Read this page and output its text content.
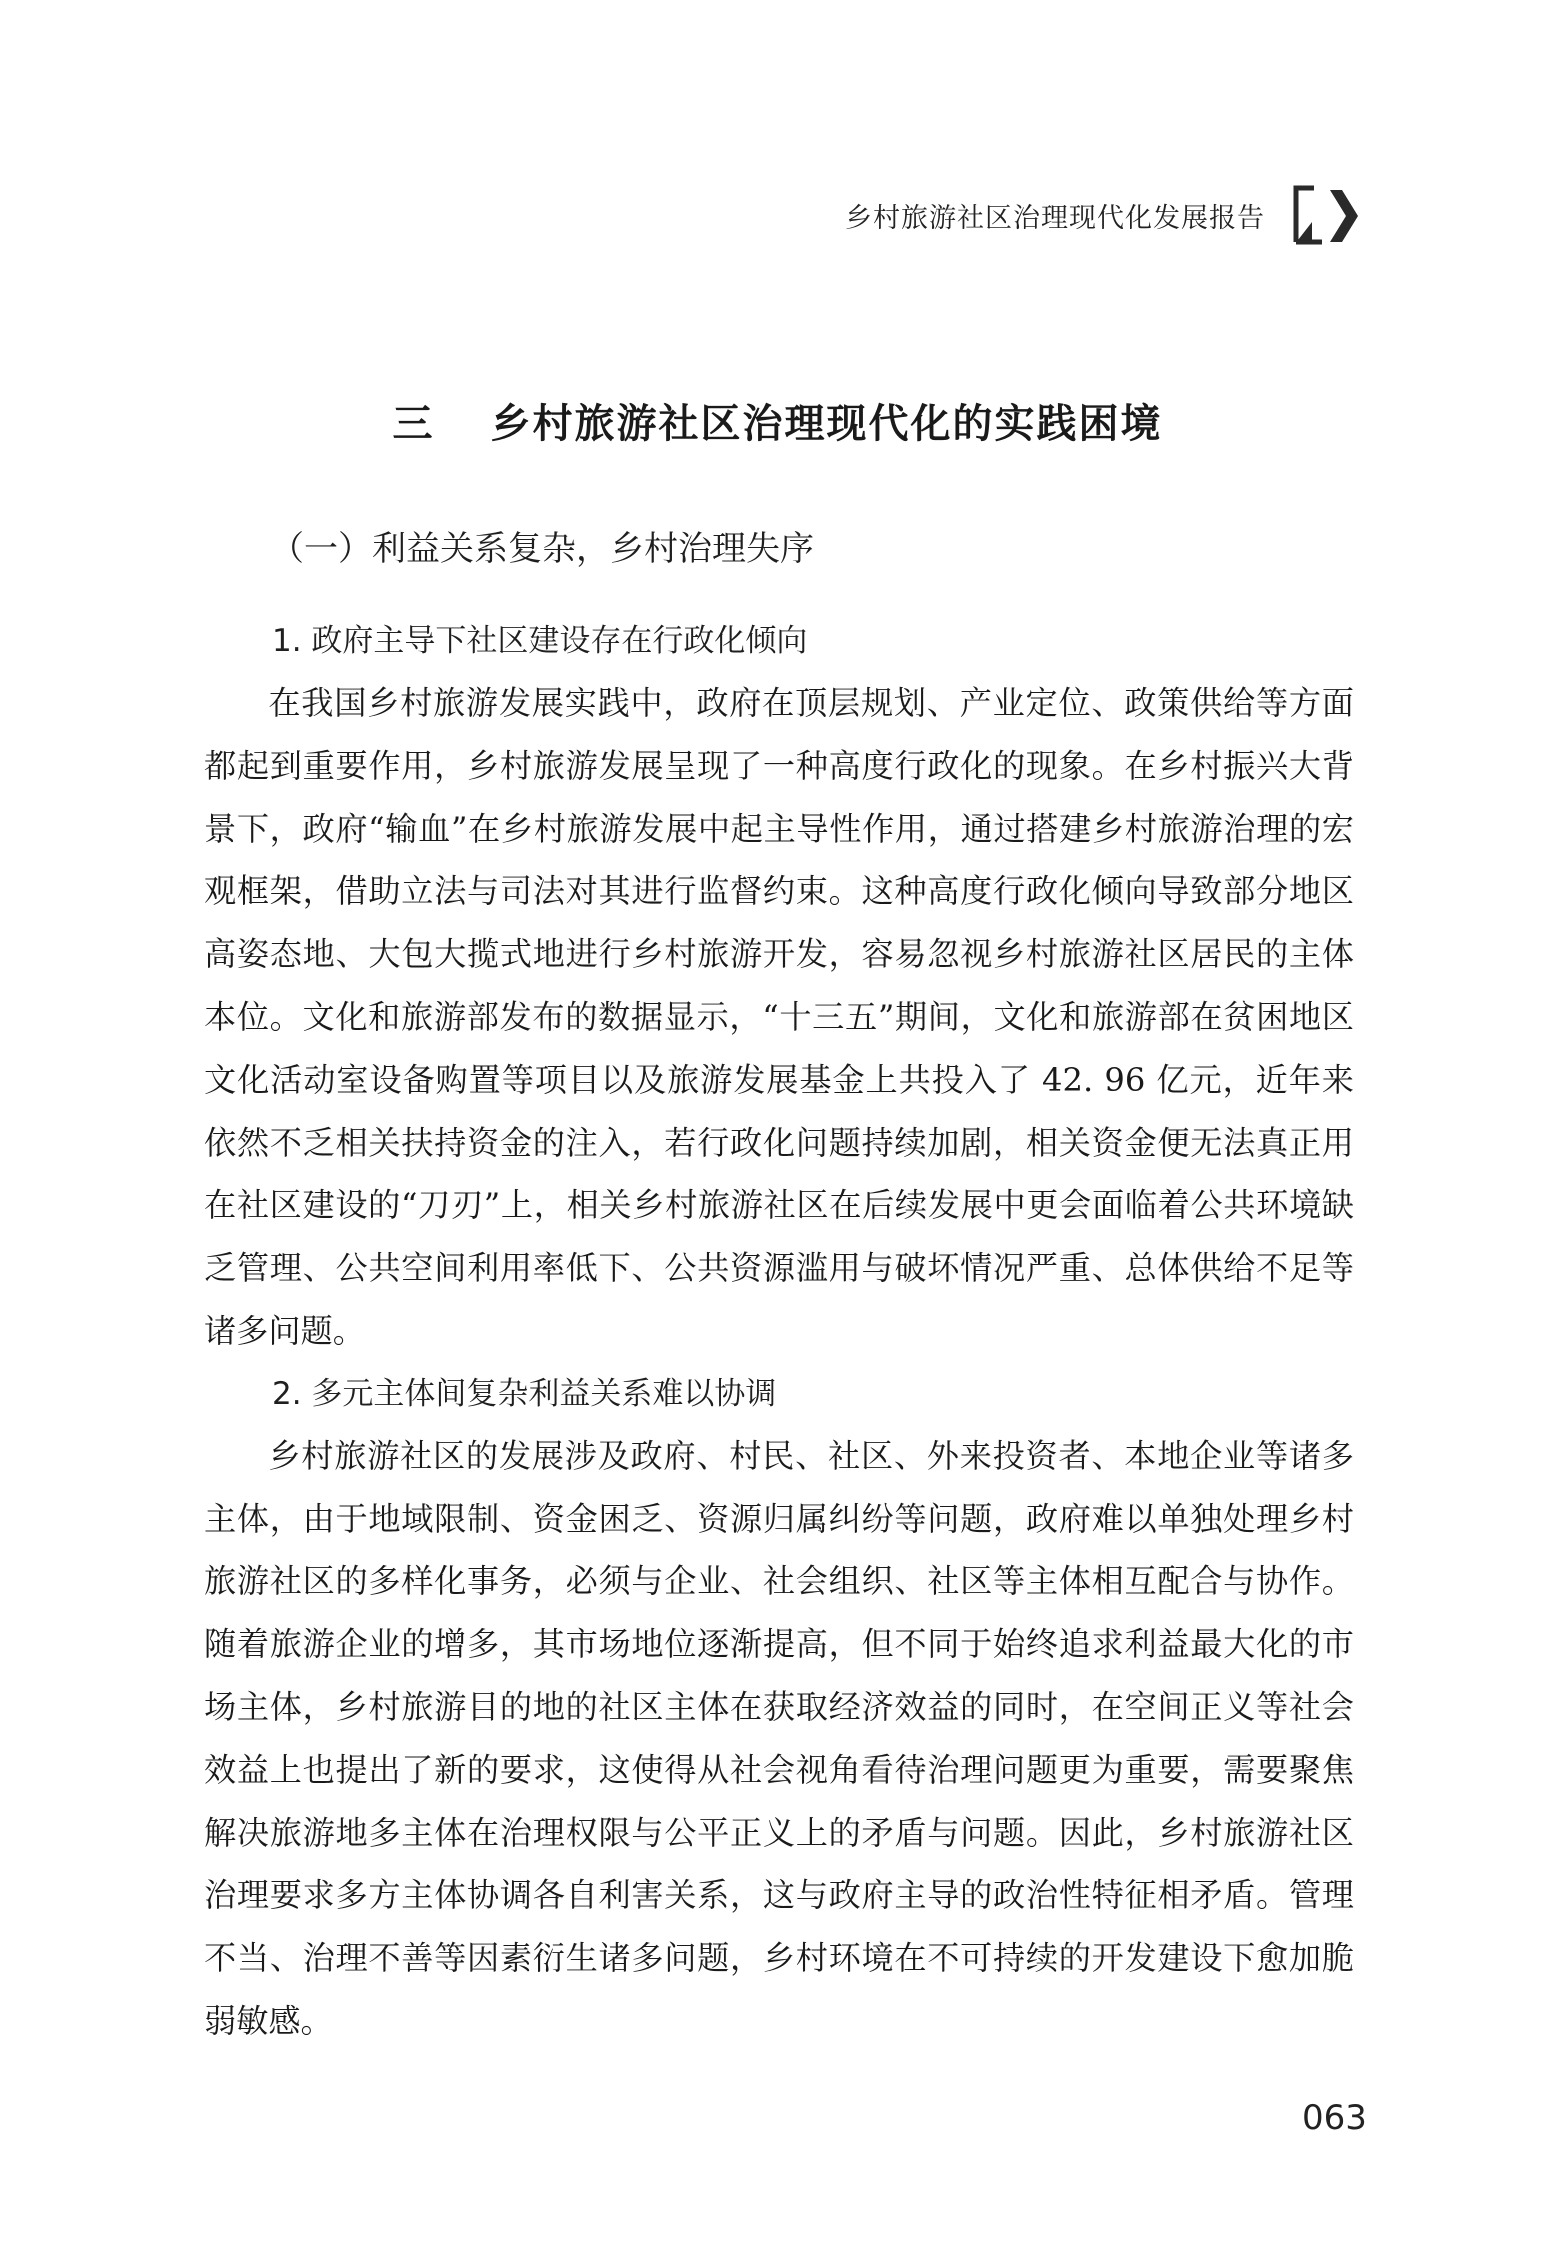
乡村旅游社区治理现代化发展报告
三 乡村旅游社区治理现代化的实践困境
（一）利益关系复杂，乡村治理失序
1. 政府主导下社区建设存在行政化倾向

在我国乡村旅游发展实践中，政府在顶层规划、产业定位、政策供给等方面都起到重要作用，乡村旅游发展呈现了一种高度行政化的现象。在乡村振兴大背景下，政府“输血”在乡村旅游发展中起主导性作用，通过搭建乡村旅游治理的宏观框架，借助立法与司法对其进行监督约束。这种高度行政化倾向导致部分地区高姿态地、大包大揽式地进行乡村旅游开发，容易忽视乡村旅游社区居民的主体本位。文化和旅游部发布的数据显示，“十三五”期间，文化和旅游部在贫困地区文化活动室设备购置等项目以及旅游发展基金上共投入了 42. 96 亿元，近年来依然不乏相关扶持资金的注入，若行政化问题持续加剧，相关资金便无法真正用在社区建设的“刀刃”上，相关乡村旅游社区在后续发展中更会面临着公共环境缺乏管理、公共空间利用率低下、公共资源滥用与破坏情况严重、总体供给不足等诸多问题。

2. 多元主体间复杂利益关系难以协调

乡村旅游社区的发展涉及政府、村民、社区、外来投资者、本地企业等诸多主体，由于地域限制、资金困乏、资源归属纠纷等问题，政府难以单独处理乡村旅游社区的多样化事务，必须与企业、社会组织、社区等主体相互配合与协作。随着旅游企业的增多，其市场地位逐渐提高，但不同于始终追求利益最大化的市场主体，乡村旅游目的地的社区主体在获取经济效益的同时，在空间正义等社会效益上也提出了新的要求，这使得从社会视角看待治理问题更为重要，需要聚焦解决旅游地多主体在治理权限与公平正义上的矛盾与问题。因此，乡村旅游社区治理要求多方主体协调各自利害关系，这与政府主导的政治性特征相矛盾。管理不当、治理不善等因素衍生诸多问题，乡村环境在不可持续的开发建设下愈加脆弱敏感。

063
